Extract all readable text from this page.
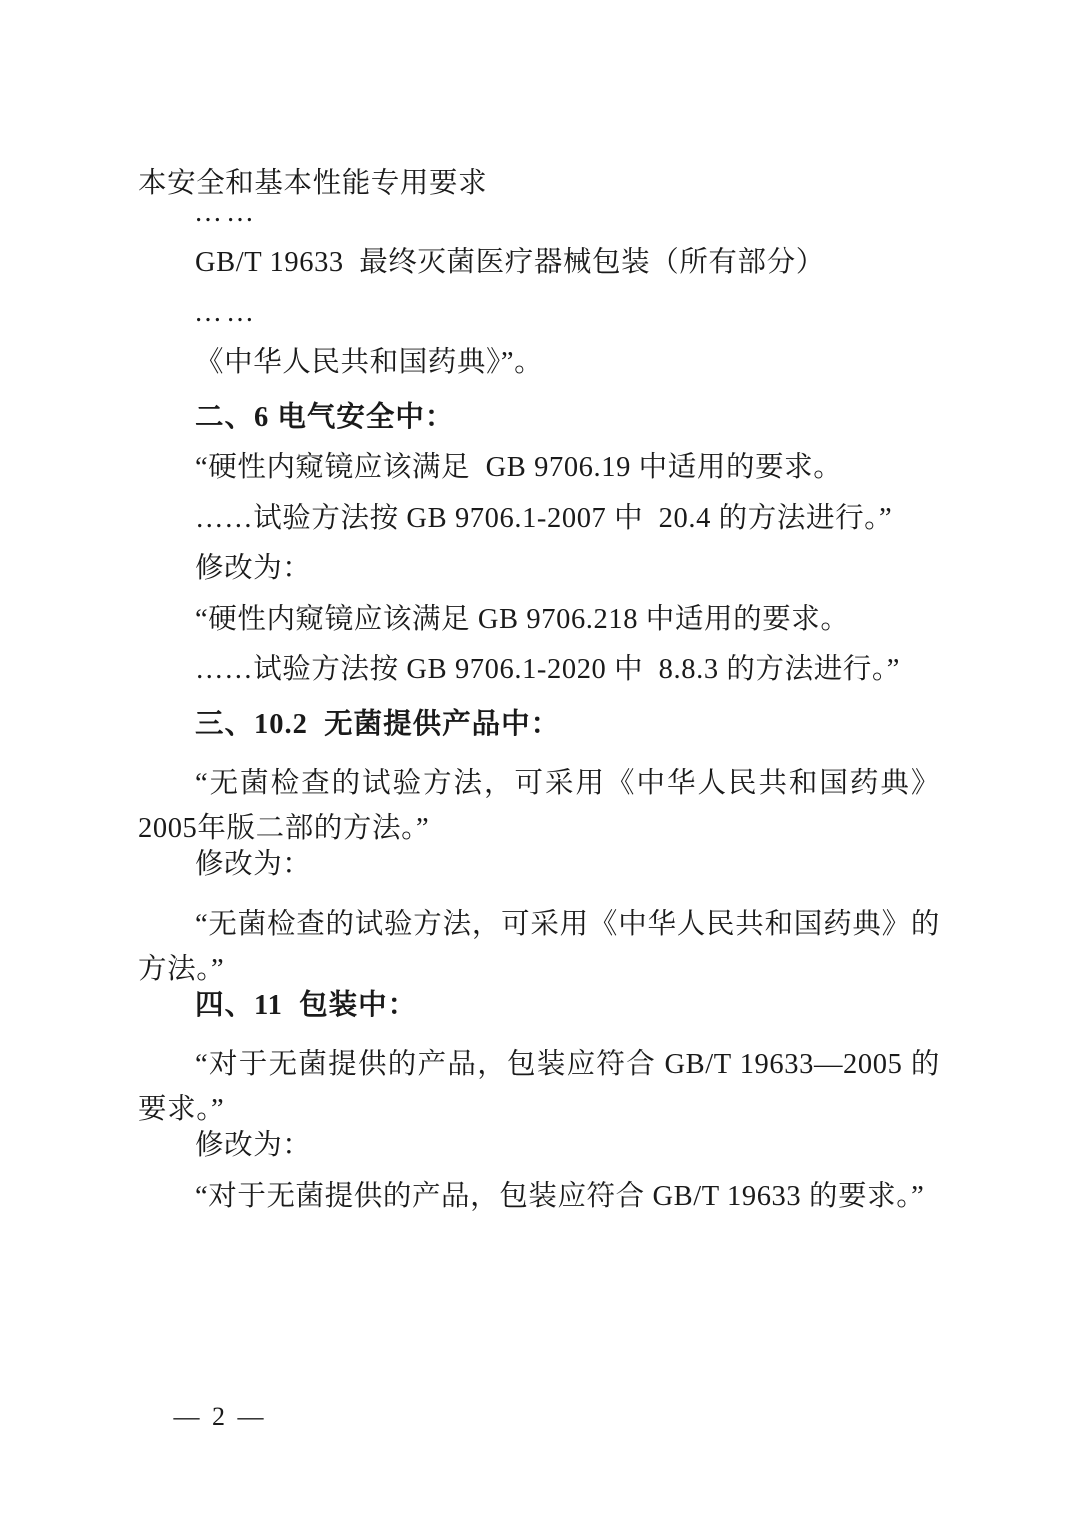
本安全和基本性能专用要求

……

GB/T 19633  最终灭菌医疗器械包装（所有部分）

……

《中华人民共和国药典》”。

二、6 电气安全中：

“硬性内窥镜应该满足  GB 9706.19 中适用的要求。

……试验方法按 GB 9706.1-2007 中  20.4 的方法进行。”

修改为：

“硬性内窥镜应该满足 GB 9706.218 中适用的要求。

……试验方法按 GB 9706.1-2020 中  8.8.3 的方法进行。”

三、10.2  无菌提供产品中：

“无菌检查的试验方法，可采用《中华人民共和国药典》2005年版二部的方法。”

修改为：

“无菌检查的试验方法，可采用《中华人民共和国药典》的方法。”

四、11  包装中：

“对于无菌提供的产品，包装应符合 GB/T 19633—2005 的要求。”

修改为：

“对于无菌提供的产品，包装应符合 GB/T 19633 的要求。”

— 2 —
